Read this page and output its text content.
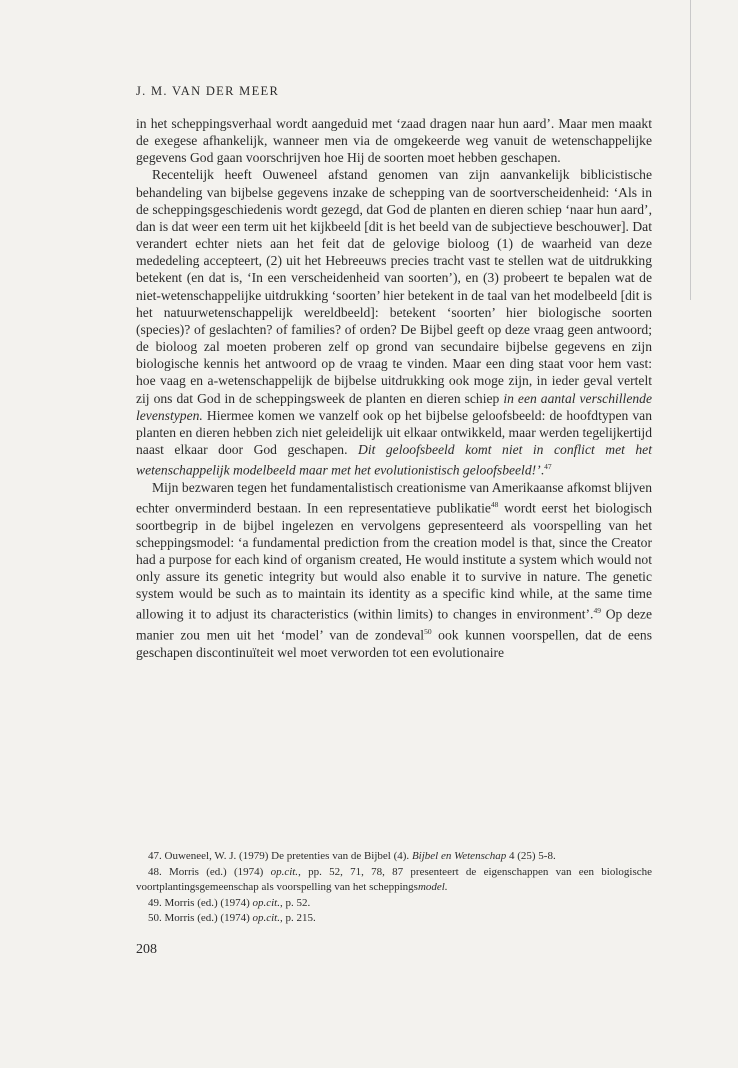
J. M. VAN DER MEER

in het scheppingsverhaal wordt aangeduid met ‘zaad dragen naar hun aard’. Maar men maakt de exegese afhankelijk, wanneer men via de omgekeerde weg vanuit de wetenschappelijke gegevens God gaan voorschrijven hoe Hij de soorten moet hebben geschapen.

Recentelijk heeft Ouweneel afstand genomen van zijn aanvankelijk biblicistische behandeling van bijbelse gegevens inzake de schepping van de soortverscheidenheid: ‘Als in de scheppingsgeschiedenis wordt gezegd, dat God de planten en dieren schiep ‘naar hun aard’, dan is dat weer een term uit het kijkbeeld [dit is het beeld van de subjectieve beschouwer]. Dat verandert echter niets aan het feit dat de gelovige bioloog (1) de waarheid van deze mededeling accepteert, (2) uit het Hebreeuws precies tracht vast te stellen wat de uitdrukking betekent (en dat is, ‘In een verscheidenheid van soorten’), en (3) probeert te bepalen wat de niet-wetenschappelijke uitdrukking ‘soorten’ hier betekent in de taal van het modelbeeld [dit is het natuurwetenschappelijk wereldbeeld]: betekent ‘soorten’ hier biologische soorten (species)? of geslachten? of families? of orden? De Bijbel geeft op deze vraag geen antwoord; de bioloog zal moeten proberen zelf op grond van secundaire bijbelse gegevens en zijn biologische kennis het antwoord op de vraag te vinden. Maar een ding staat voor hem vast: hoe vaag en a-wetenschappelijk de bijbelse uitdrukking ook moge zijn, in ieder geval vertelt zij ons dat God in de scheppingsweek de planten en dieren schiep in een aantal verschillende levenstypen. Hiermee komen we vanzelf ook op het bijbelse geloofsbeeld: de hoofdtypen van planten en dieren hebben zich niet geleidelijk uit elkaar ontwikkeld, maar werden tegelijkertijd naast elkaar door God geschapen. Dit geloofsbeeld komt niet in conflict met het wetenschappelijk modelbeeld maar met het evolutionistisch geloofsbeeld!’.$^{47}$

Mijn bezwaren tegen het fundamentalistisch creationisme van Amerikaanse afkomst blijven echter onverminderd bestaan. In een representatieve publikatie$^{48}$ wordt eerst het biologisch soortbegrip in de bijbel ingelezen en vervolgens gepresenteerd als voorspelling van het scheppingsmodel: ‘a fundamental prediction from the creation model is that, since the Creator had a purpose for each kind of organism created, He would institute a system which would not only assure its genetic integrity but would also enable it to survive in nature. The genetic system would be such as to maintain its identity as a specific kind while, at the same time allowing it to adjust its characteristics (within limits) to changes in environment’.$^{49}$ Op deze manier zou men uit het ‘model’ van de zondeval$^{50}$ ook kunnen voorspellen, dat de eens geschapen discontinuïteit wel moet verworden tot een evolutionaire

47. Ouweneel, W. J. (1979) De pretenties van de Bijbel (4). Bijbel en Wetenschap 4 (25) 5-8.

48. Morris (ed.) (1974) op.cit., pp. 52, 71, 78, 87 presenteert de eigenschappen van een biologische voortplantingsgemeenschap als voorspelling van het scheppingsmodel.

49. Morris (ed.) (1974) op.cit., p. 52.

50. Morris (ed.) (1974) op.cit., p. 215.

208
